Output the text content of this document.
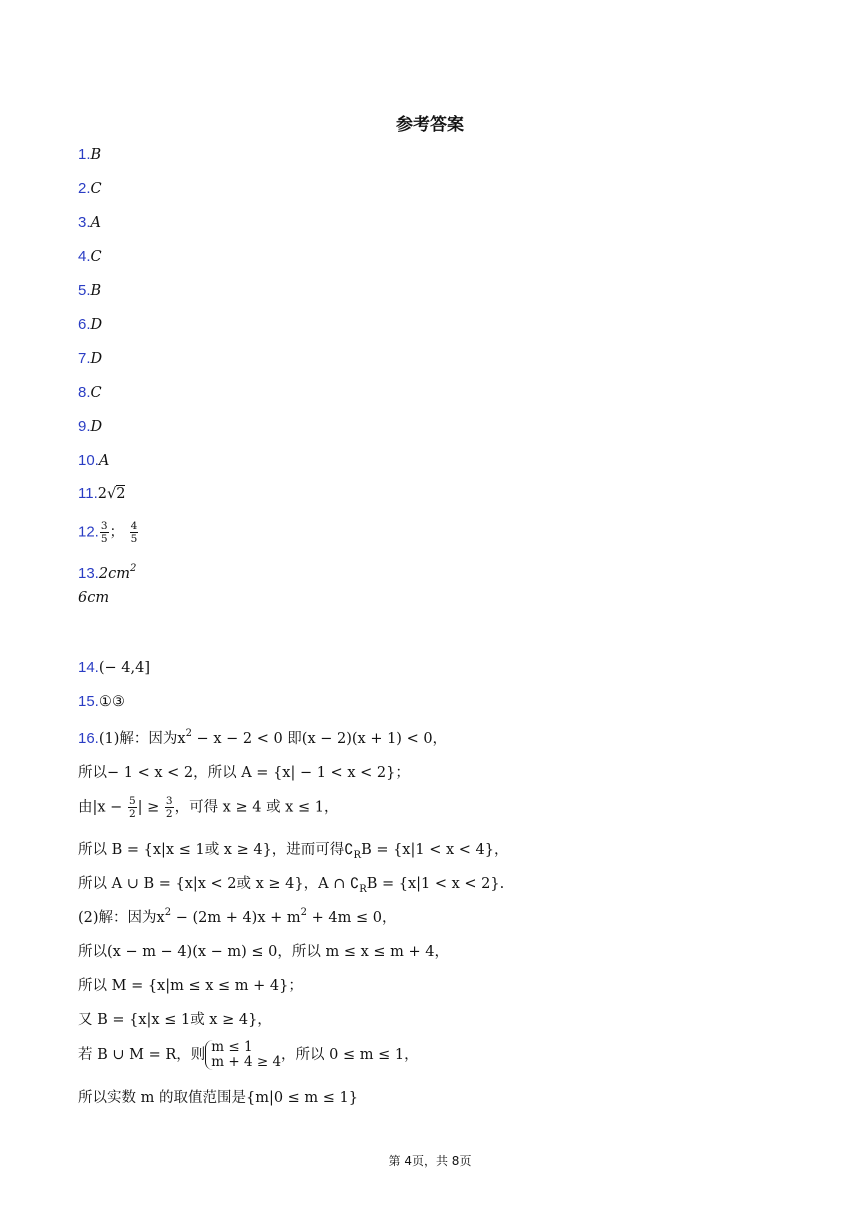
参考答案
1.B
2.C
3.A
4.C
5.B
6.D
7.D
8.C
9.D
10.A
11.2√2
12. $\frac{3}{5}$ ； $\frac{4}{5}$
$13.2cm^2$
6cm
14.(− 4,4]
15.①③
16.(1)解：因为$x^2 - x - 2 < 0$ 即(x − 2)(x + 1) < 0，
所以− 1 < x < 2，所以 A = {x| − 1 < x < 2}；
由$|x - \frac{5}{2}$ | ≥ $\frac{3}{2}$ ，可得 x ≥ 4 或 x ≤ 1，
所以 B = {x|x ≤ 1或 x ≥ 4}，进而可得$∁_RB = \{x|1 < x < 4\}$，
所以 A ∪ B = {x|x < 2或 x ≥ 4}，A ∩ $∁_RB = \{x|1 < x < 2\}$.
(2)解：因为$x^2 - (2m + 4)x + m^2 + 4m \le 0$，
所以(x − m − 4)(x − m) ≤ 0，所以 m ≤ x ≤ m + 4，
所以 M = {x|m ≤ x ≤ m + 4}；
又 B = {x|x ≤ 1或 x ≥ 4}，
若 B ∪ M = R，则 m ≤ 1
m + 4 ≥ 4 ，所以 0 ≤ m ≤ 1，
所以实数 m 的取值范围是{m|0 ≤ m ≤ 1}
第 4页，共 8页
